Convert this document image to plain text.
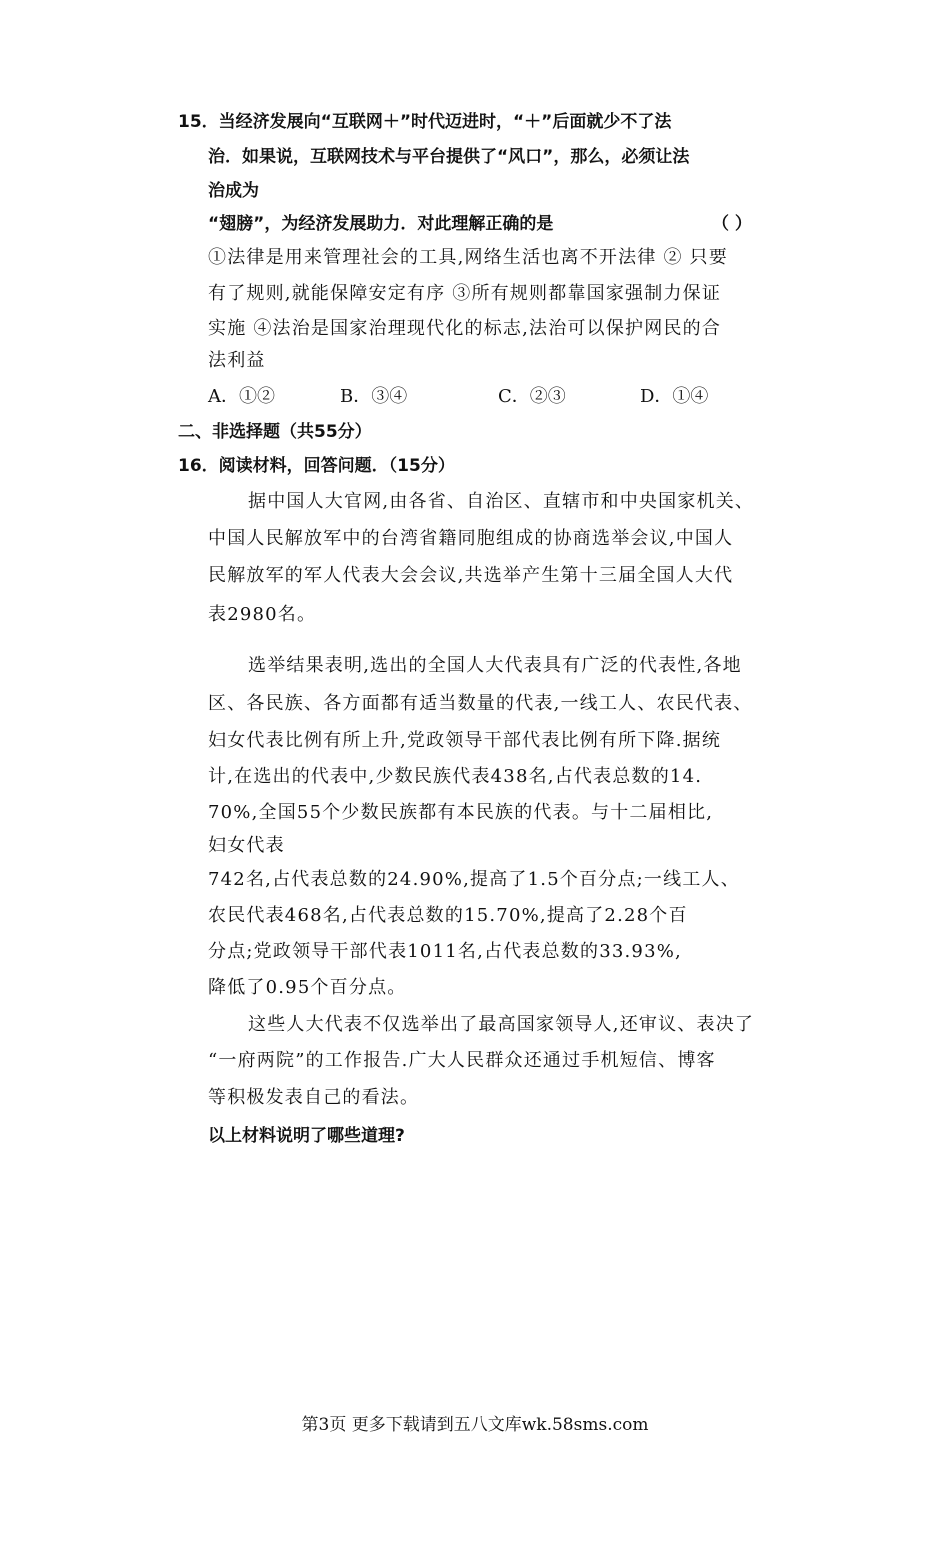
15．当经济发展向“互联网＋”时代迈进时，“＋”后面就少不了法
治．如果说，互联网技术与平台提供了“风口”，那么，必须让法
治成为
“翅膀”，为经济发展助力．对此理解正确的是	（ ）
①法律是用来管理社会的工具,网络生活也离不开法律 ② 只要
有了规则,就能保障安定有序 ③所有规则都靠国家强制力保证
实施 ④法治是国家治理现代化的标志,法治可以保护网民的合
法利益
A．①②	B．③④	C．②③	D．①④
二、非选择题（共55分）
16．阅读材料，回答问题．（15分）
据中国人大官网,由各省、自治区、直辖市和中央国家机关、
中国人民解放军中的台湾省籍同胞组成的协商选举会议,中国人
民解放军的军人代表大会会议,共选举产生第十三届全国人大代
表2980名。
选举结果表明,选出的全国人大代表具有广泛的代表性,各地
区、各民族、各方面都有适当数量的代表,一线工人、农民代表、
妇女代表比例有所上升,党政领导干部代表比例有所下降.据统
计,在选出的代表中,少数民族代表438名,占代表总数的14.
70%,全国55个少数民族都有本民族的代表。与十二届相比,
妇女代表
742名,占代表总数的24.90%,提高了1.5个百分点;一线工人、
农民代表468名,占代表总数的15.70%,提高了2.28个百
分点;党政领导干部代表1011名,占代表总数的33.93%,
降低了0.95个百分点。
这些人大代表不仅选举出了最高国家领导人,还审议、表决了
“一府两院”的工作报告.广大人民群众还通过手机短信、博客
等积极发表自己的看法。
以上材料说明了哪些道理?
第3页 更多下载请到五八文库wk.58sms.com
